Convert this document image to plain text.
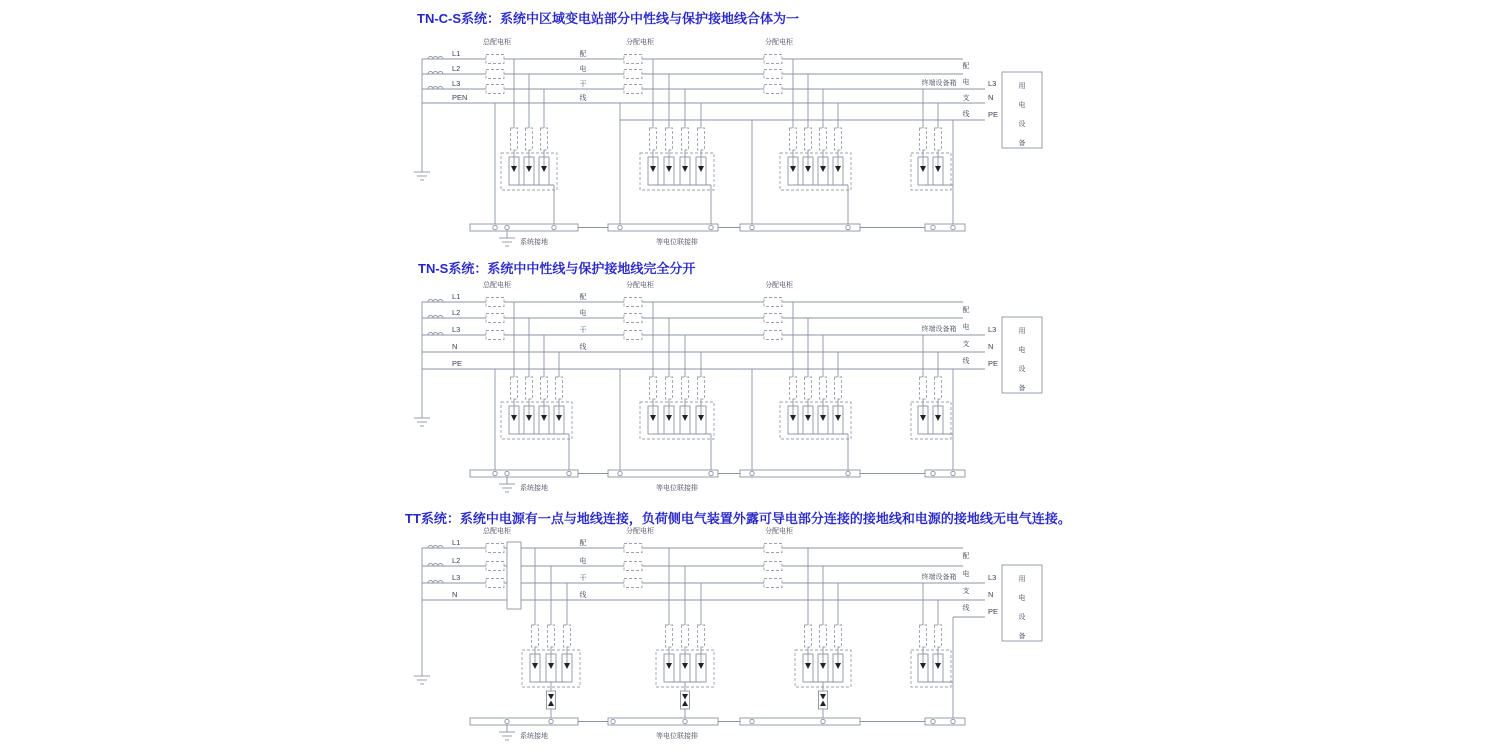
TN-C-S系统：系统中区域变电站部分中性线与保护接地线合体为一
L1
L2
L3
PEN
总配电柜	分配电柜	分配电柜
配
电
干
线
终端设备箱
配
电
支
线
L3
N
PE
用
电
设
备
系统接地	等电位联接排
TN-S系统：系统中中性线与保护接地线完全分开
L1
L2
L3
N
PE
总配电柜	分配电柜	分配电柜
配
电
干
线
终端设备箱
配
电
支
线
L3
N
PE
用
电
设
备
系统接地	等电位联接排
TT系统：系统中电源有一点与地线连接，负荷侧电气装置外露可导电部分连接的接地线和电源的接地线无电气连接。
L1
L2
L3
N
总配电柜	分配电柜	分配电柜
配
电
干
线
终端设备箱
配
电
支
线
L3
N
PE
用
电
设
备
系统接地	等电位联接排
